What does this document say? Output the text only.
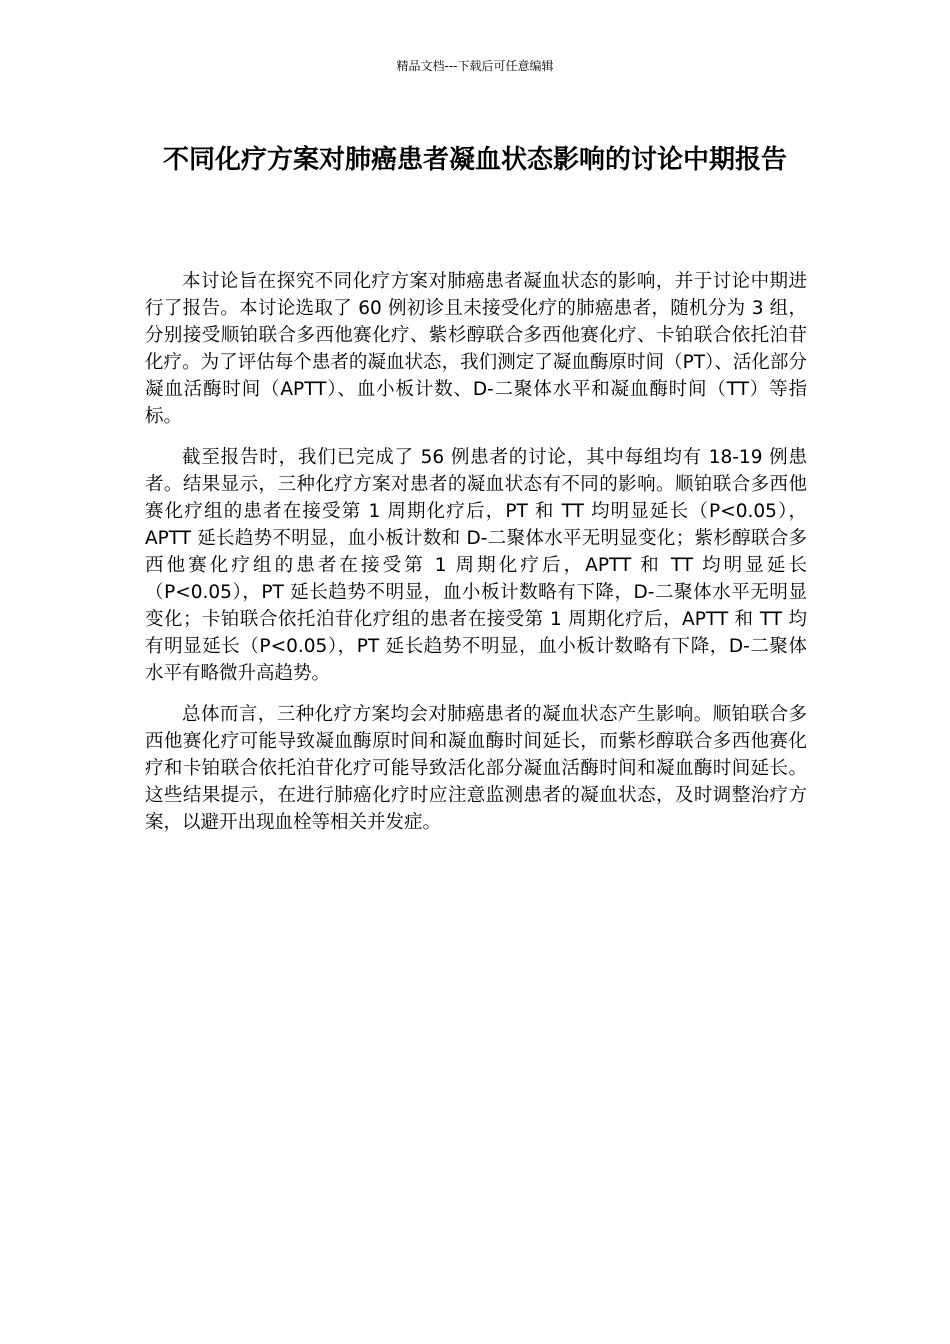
精品文档---下载后可任意编辑
不同化疗方案对肺癌患者凝血状态影响的讨论中期报告

本讨论旨在探究不同化疗方案对肺癌患者凝血状态的影响，并于讨论中期进行了报告。本讨论选取了 60 例初诊且未接受化疗的肺癌患者，随机分为 3 组，分别接受顺铂联合多西他赛化疗、紫杉醇联合多西他赛化疗、卡铂联合依托泊苷化疗。为了评估每个患者的凝血状态，我们测定了凝血酶原时间（PT）、活化部分凝血活酶时间（APTT）、血小板计数、D-二聚体水平和凝血酶时间（TT）等指标。

截至报告时，我们已完成了 56 例患者的讨论，其中每组均有 18-19 例患者。结果显示，三种化疗方案对患者的凝血状态有不同的影响。顺铂联合多西他赛化疗组的患者在接受第 1 周期化疗后，PT 和 TT 均明显延长（P<0.05），APTT 延长趋势不明显，血小板计数和 D-二聚体水平无明显变化；紫杉醇联合多西他赛化疗组的患者在接受第 1 周期化疗后，APTT 和 TT 均明显延长（P<0.05），PT 延长趋势不明显，血小板计数略有下降，D-二聚体水平无明显变化；卡铂联合依托泊苷化疗组的患者在接受第 1 周期化疗后，APTT 和 TT 均有明显延长（P<0.05），PT 延长趋势不明显，血小板计数略有下降，D-二聚体水平有略微升高趋势。

总体而言，三种化疗方案均会对肺癌患者的凝血状态产生影响。顺铂联合多西他赛化疗可能导致凝血酶原时间和凝血酶时间延长，而紫杉醇联合多西他赛化疗和卡铂联合依托泊苷化疗可能导致活化部分凝血活酶时间和凝血酶时间延长。这些结果提示，在进行肺癌化疗时应注意监测患者的凝血状态，及时调整治疗方案，以避开出现血栓等相关并发症。
